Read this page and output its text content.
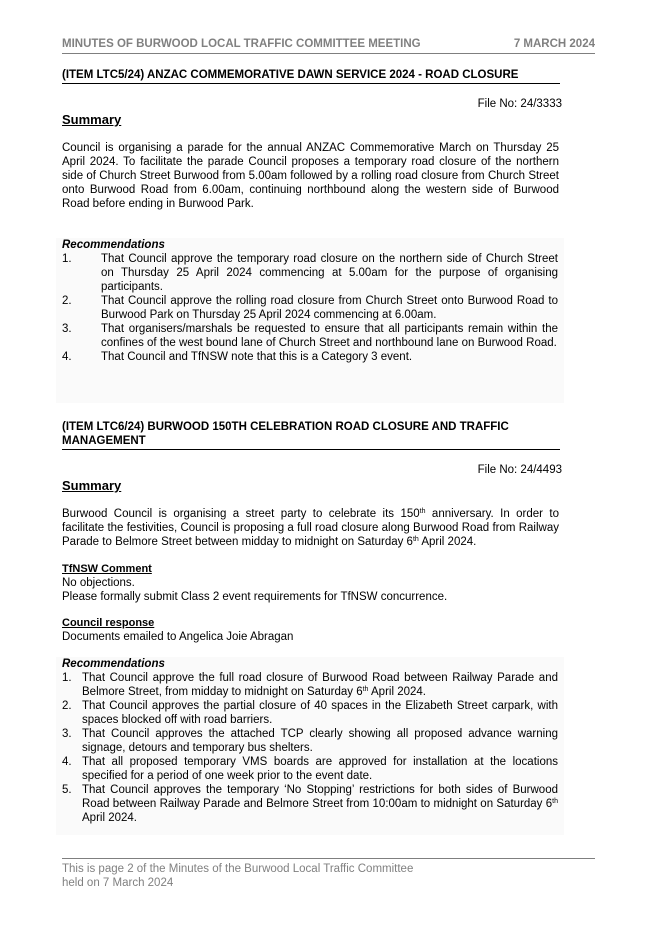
MINUTES OF BURWOOD LOCAL TRAFFIC COMMITTEE MEETING	7 MARCH 2024
(ITEM LTC5/24) ANZAC COMMEMORATIVE DAWN SERVICE 2024 - ROAD CLOSURE
File No: 24/3333
Summary

Council is organising a parade for the annual ANZAC Commemorative March on Thursday 25 April 2024. To facilitate the parade Council proposes a temporary road closure of the northern side of Church Street Burwood from 5.00am followed by a rolling road closure from Church Street onto Burwood Road from 6.00am, continuing northbound along the western side of Burwood Road before ending in Burwood Park.

Recommendations
1.	That Council approve the temporary road closure on the northern side of Church Street on Thursday 25 April 2024 commencing at 5.00am for the purpose of organising participants.
2.	That Council approve the rolling road closure from Church Street onto Burwood Road to Burwood Park on Thursday 25 April 2024 commencing at 6.00am.
3.	That organisers/marshals be requested to ensure that all participants remain within the confines of the west bound lane of Church Street and northbound lane on Burwood Road.
4.	That Council and TfNSW note that this is a Category 3 event.
(ITEM LTC6/24) BURWOOD 150TH CELEBRATION ROAD CLOSURE AND TRAFFIC MANAGEMENT
File No: 24/4493
Summary

Burwood Council is organising a street party to celebrate its 150th anniversary. In order to facilitate the festivities, Council is proposing a full road closure along Burwood Road from Railway Parade to Belmore Street between midday to midnight on Saturday 6th April 2024.

TfNSW Comment
No objections.
Please formally submit Class 2 event requirements for TfNSW concurrence.
Council response
Documents emailed to Angelica Joie Abragan
Recommendations
1. That Council approve the full road closure of Burwood Road between Railway Parade and Belmore Street, from midday to midnight on Saturday 6th April 2024.
2. That Council approves the partial closure of 40 spaces in the Elizabeth Street carpark, with spaces blocked off with road barriers.
3. That Council approves the attached TCP clearly showing all proposed advance warning signage, detours and temporary bus shelters.
4. That all proposed temporary VMS boards are approved for installation at the locations specified for a period of one week prior to the event date.
5. That Council approves the temporary ‘No Stopping’ restrictions for both sides of Burwood Road between Railway Parade and Belmore Street from 10:00am to midnight on Saturday 6th April 2024.
This is page 2 of the Minutes of the Burwood Local Traffic Committee
held on 7 March 2024
